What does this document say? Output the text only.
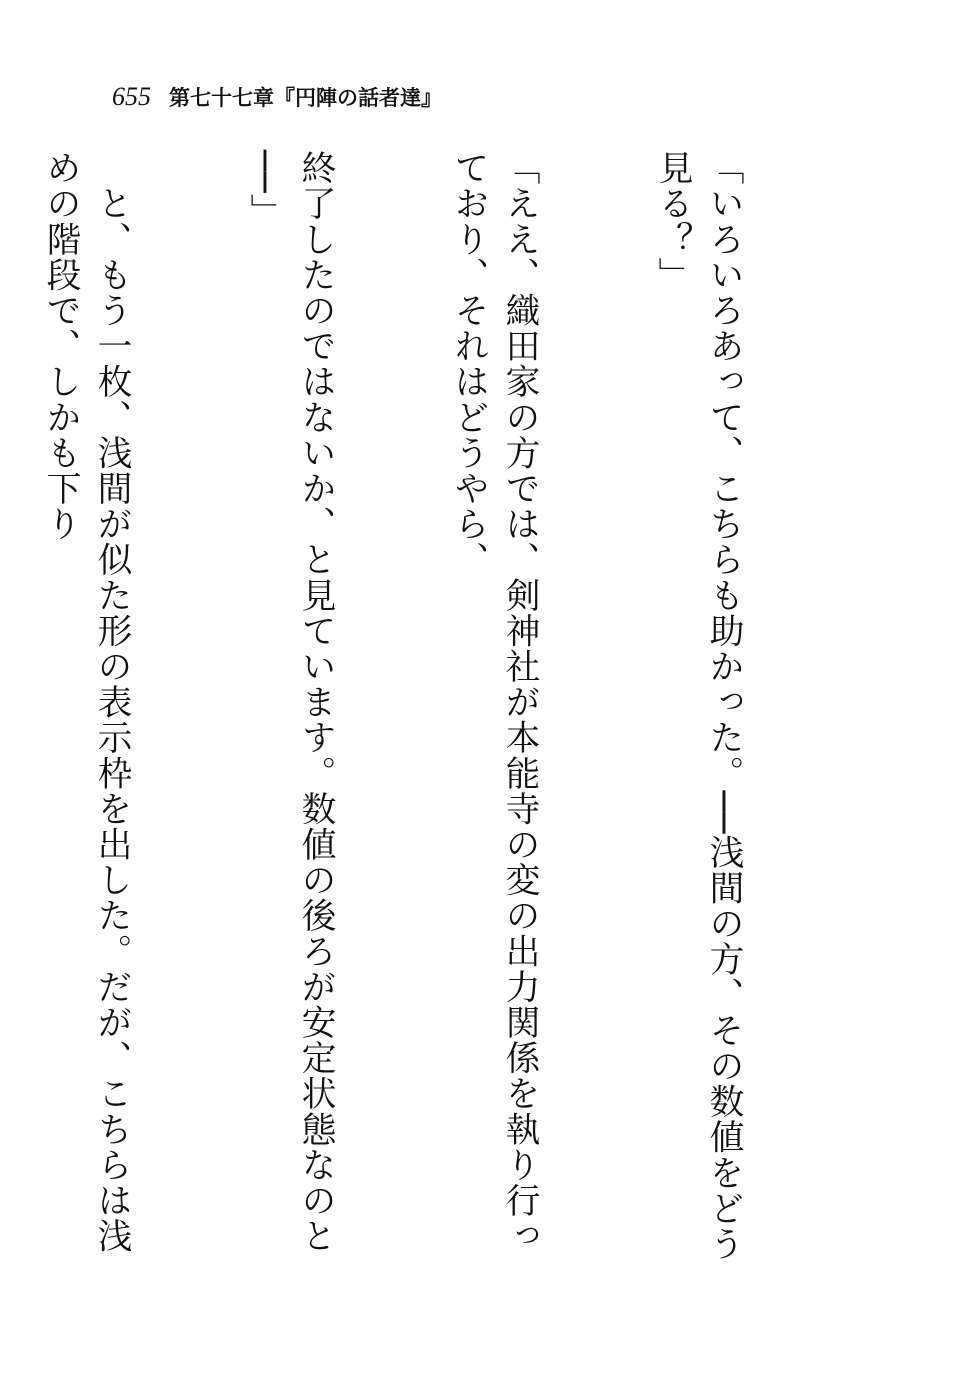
655 第七十七章『円陣の話者達』

「いろいろあって、こちらも助かった。──浅間の方、その数値をどう見る？」

「ええ、織田家の方では、剣神社が本能寺の変の出力関係を執り行っており、それはどうやら、

終了したのではないか、と見ています。数値の後ろが安定状態なのと──」

　と、もう一枚、浅間が似た形の表示枠を出した。だが、こちらは浅めの階段で、しかも下り
